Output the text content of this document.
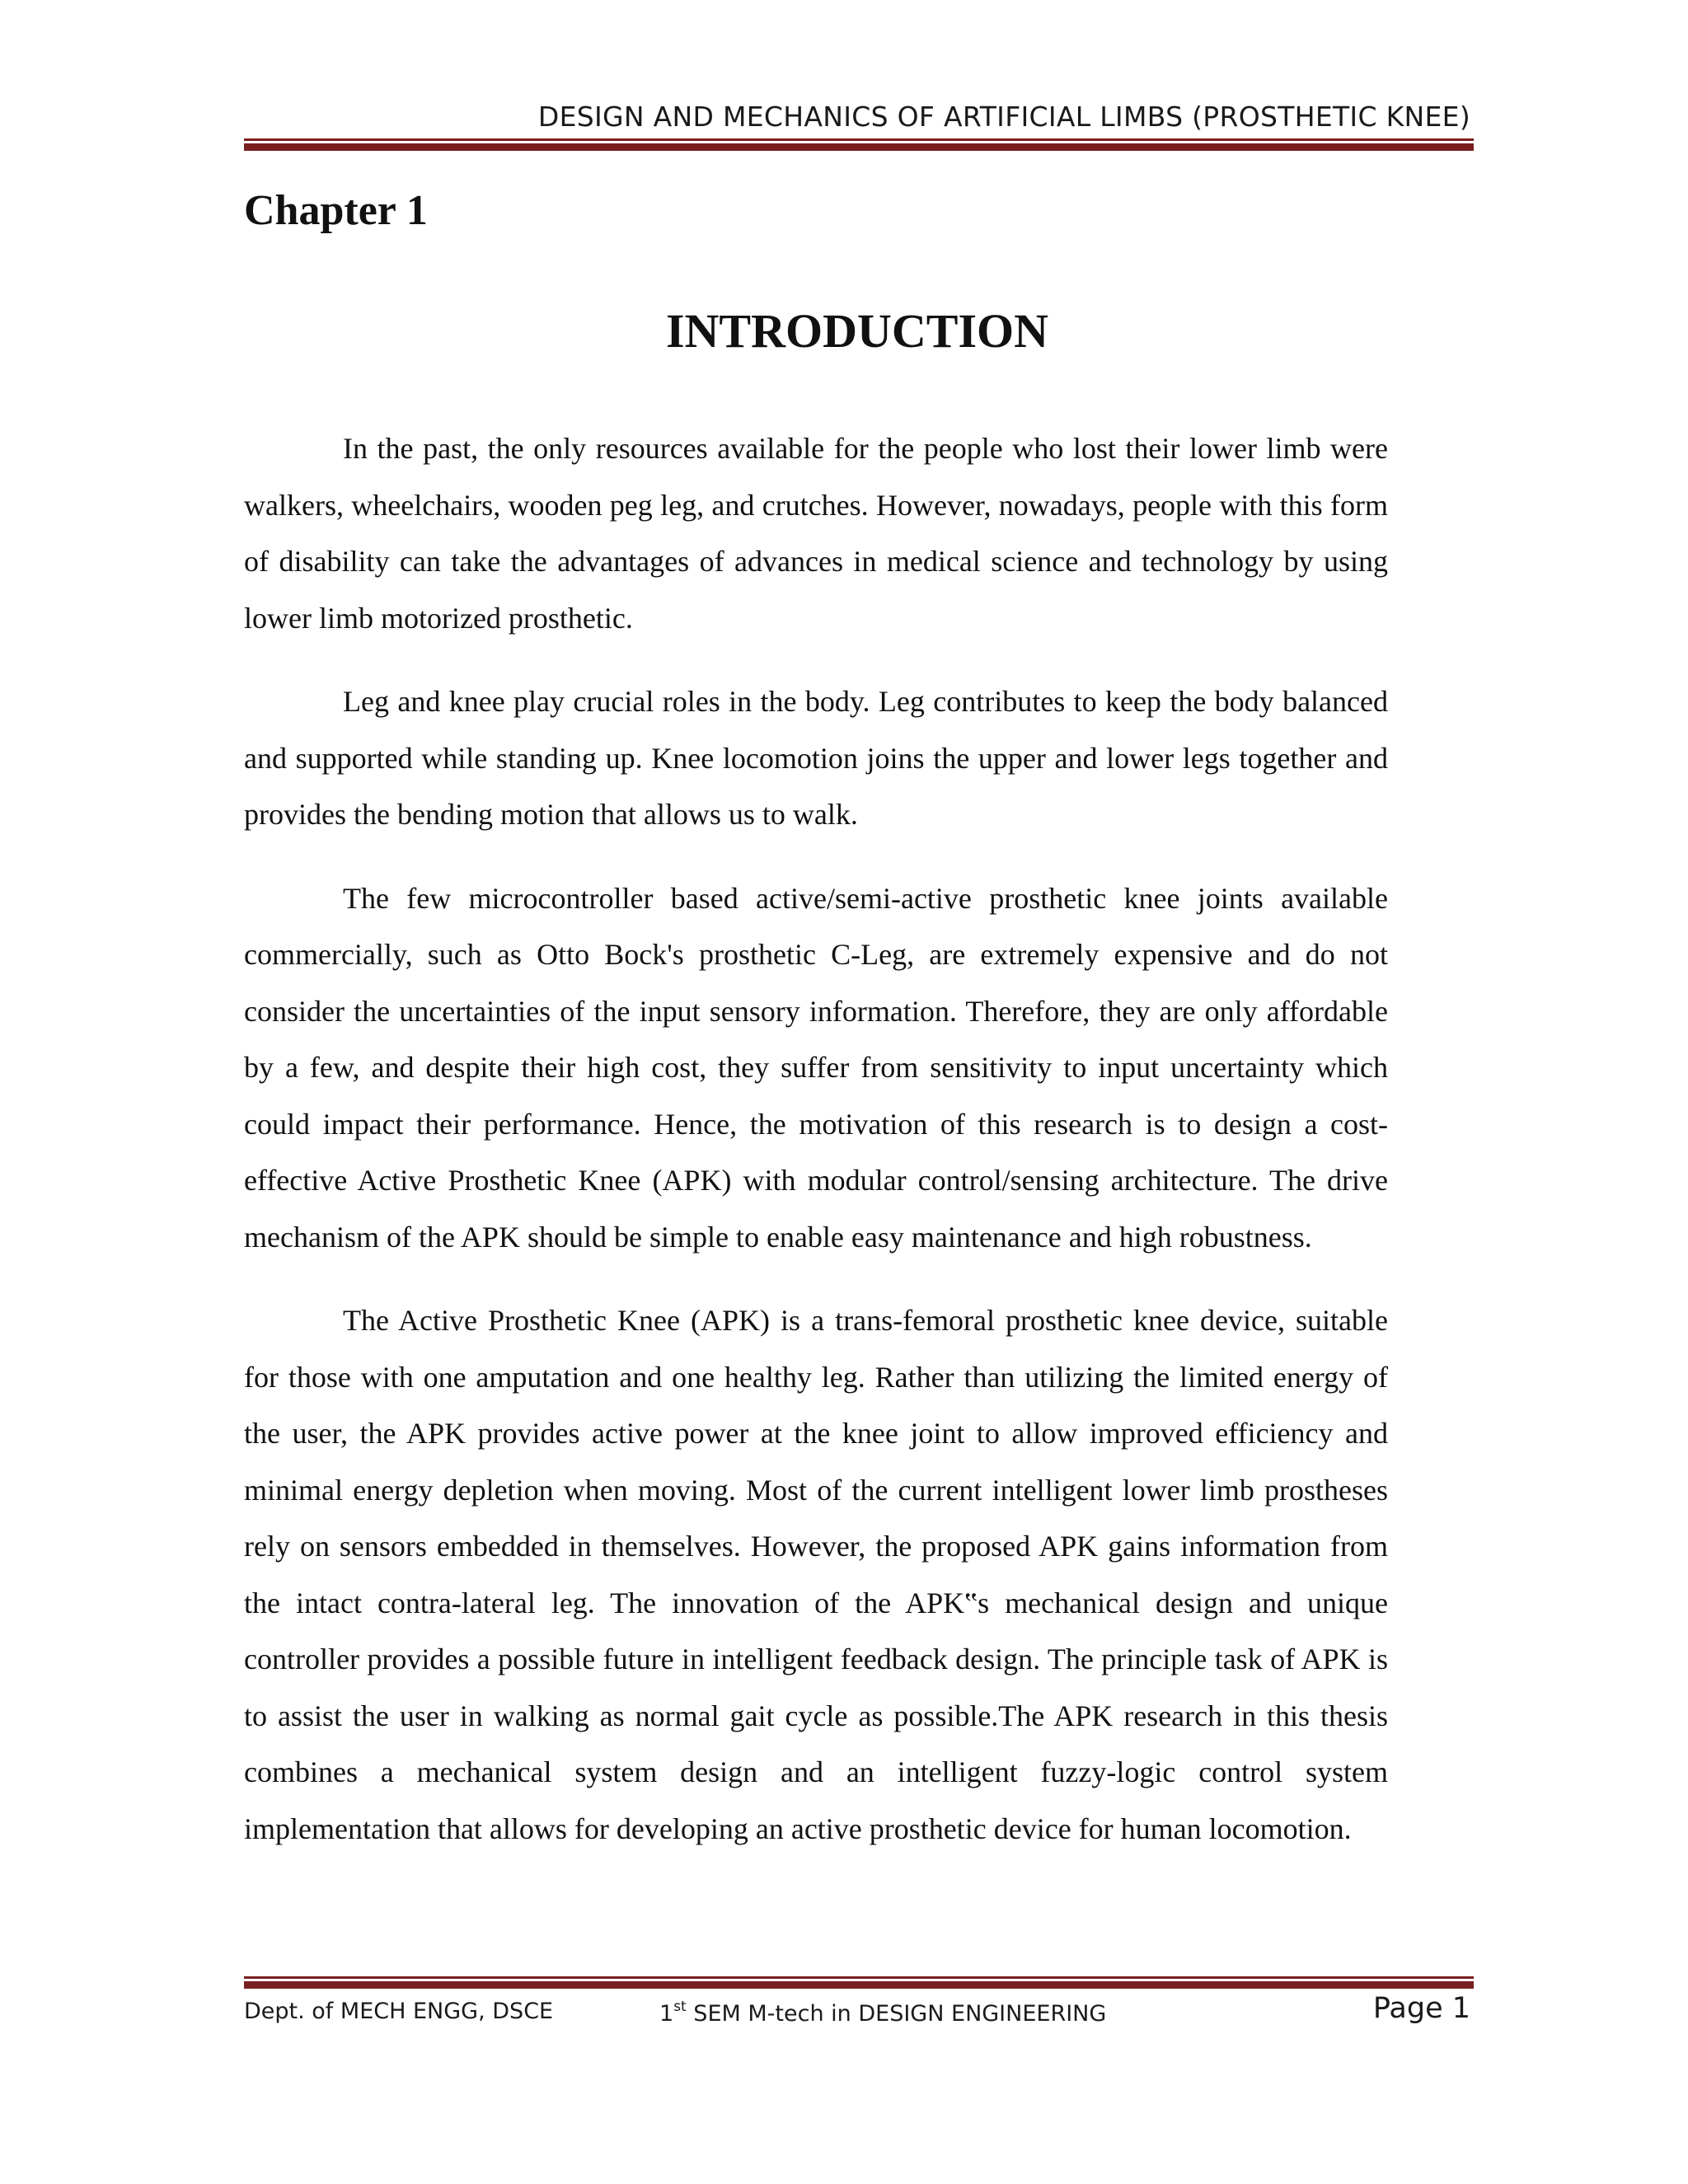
DESIGN AND MECHANICS OF ARTIFICIAL LIMBS (PROSTHETIC KNEE)
Chapter 1
INTRODUCTION

In the past, the only resources available for the people who lost their lower limb were walkers, wheelchairs, wooden peg leg, and crutches. However, nowadays, people with this form of disability can take the advantages of advances in medical science and technology by using lower limb motorized prosthetic.

Leg and knee play crucial roles in the body. Leg contributes to keep the body balanced and supported while standing up. Knee locomotion joins the upper and lower legs together and provides the bending motion that allows us to walk.

The few microcontroller based active/semi-active prosthetic knee joints available commercially, such as Otto Bock's prosthetic C-Leg, are extremely expensive and do not consider the uncertainties of the input sensory information. Therefore, they are only affordable by a few, and despite their high cost, they suffer from sensitivity to input uncertainty which could impact their performance. Hence, the motivation of this research is to design a cost-effective Active Prosthetic Knee (APK) with modular control/sensing architecture. The drive mechanism of the APK should be simple to enable easy maintenance and high robustness.

The Active Prosthetic Knee (APK) is a trans-femoral prosthetic knee device, suitable for those with one amputation and one healthy leg. Rather than utilizing the limited energy of the user, the APK provides active power at the knee joint to allow improved efficiency and minimal energy depletion when moving. Most of the current intelligent lower limb prostheses rely on sensors embedded in themselves. However, the proposed APK gains information from the intact contra-lateral leg. The innovation of the APK‟s mechanical design and unique controller provides a possible future in intelligent feedback design. The principle task of APK is to assist the user in walking as normal gait cycle as possible.The APK research in this thesis combines a mechanical system design and an intelligent fuzzy-logic control system implementation that allows for developing an active prosthetic device for human locomotion.

Dept. of MECH ENGG, DSCE	1st SEM M-tech in DESIGN ENGINEERING	Page 1
